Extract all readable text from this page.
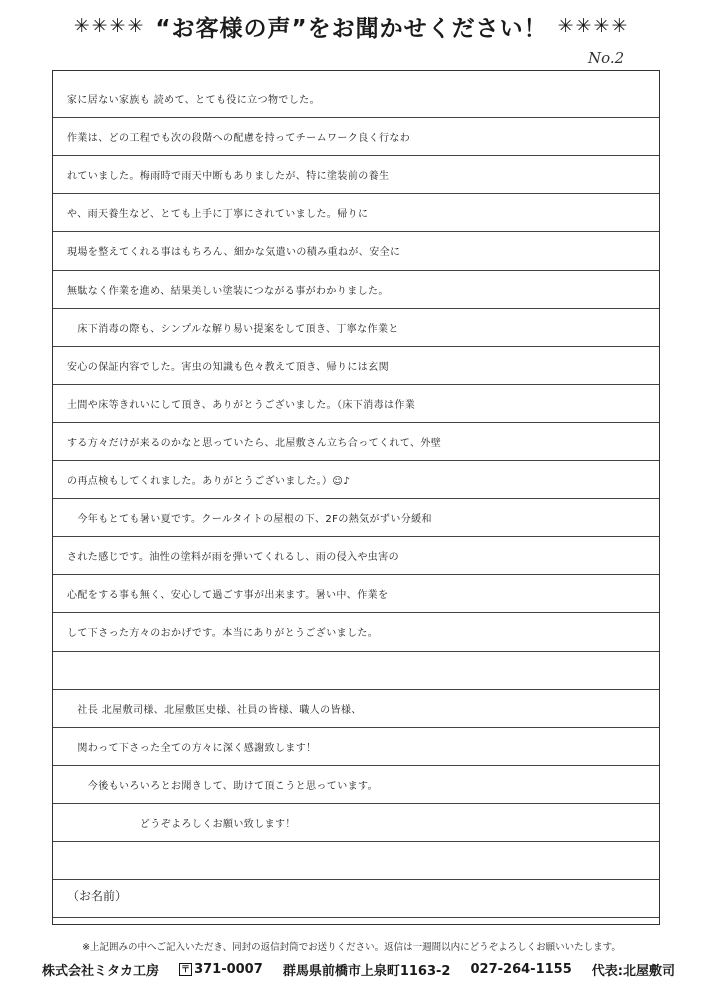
✳✳✳✳ “お客様の声”をお聞かせください！ ✳✳✳✳
No.2
家に居ない家族も 読めて、とても役に立つ物でした。
作業は、どの工程でも次の段階への配慮を持ってチームワーク良く行なわ
れていました。梅雨時で雨天中断もありましたが、特に塗装前の養生
や、雨天養生など、とても上手に丁寧にされていました。帰りに
現場を整えてくれる事はもちろん、細かな気遣いの積み重ねが、安全に
無駄なく作業を進め、結果美しい塗装につながる事がわかりました。
　床下消毒の際も、シンプルな解り易い提案をして頂き、丁寧な作業と
安心の保証内容でした。害虫の知識も色々教えて頂き、帰りには玄関
土間や床等きれいにして頂き、ありがとうございました。（床下消毒は作業
する方々だけが来るのかなと思っていたら、北屋敷さん立ち合ってくれて、外壁
の再点検もしてくれました。ありがとうございました。）☺♪
　今年もとても暑い夏です。クールタイトの屋根の下、2Fの熱気がずい分緩和
された感じです。油性の塗料が雨を弾いてくれるし、雨の侵入や虫害の
心配をする事も無く、安心して過ごす事が出来ます。暑い中、作業を
して下さった方々のおかげです。本当にありがとうございました。
　社長 北屋敷司様、北屋敷匡史様、社員の皆様、職人の皆様、
　関わって下さった全ての方々に深く感謝致します！
　　今後もいろいろとお聞きして、助けて頂こうと思っています。
　　　　　　　どうぞよろしくお願い致します！
（お名前）
※上記囲みの中へご記入いただき、同封の返信封筒でお送りください。返信は一週間以内にどうぞよろしくお願いいたします。
株式会社ミタカ工房 〒 371-0007 群馬県前橋市上泉町1163-2 027-264-1155 代表:北屋敷司
